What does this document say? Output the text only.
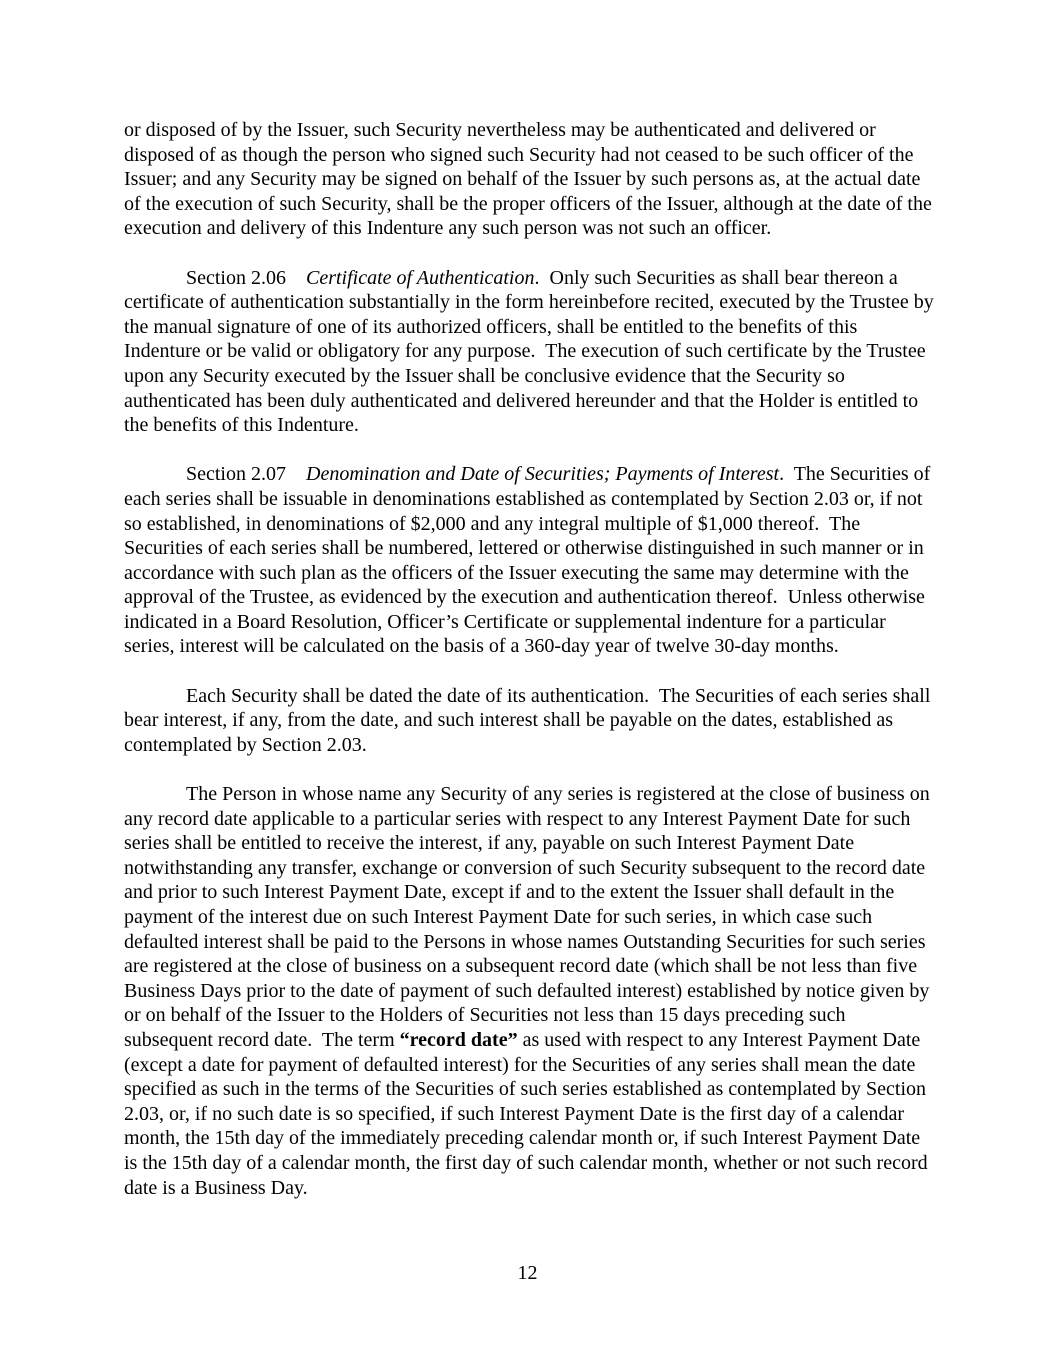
or disposed of by the Issuer, such Security nevertheless may be authenticated and delivered or disposed of as though the person who signed such Security had not ceased to be such officer of the Issuer; and any Security may be signed on behalf of the Issuer by such persons as, at the actual date of the execution of such Security, shall be the proper officers of the Issuer, although at the date of the execution and delivery of this Indenture any such person was not such an officer.

Section 2.06    Certificate of Authentication.  Only such Securities as shall bear thereon a certificate of authentication substantially in the form hereinbefore recited, executed by the Trustee by the manual signature of one of its authorized officers, shall be entitled to the benefits of this Indenture or be valid or obligatory for any purpose.  The execution of such certificate by the Trustee upon any Security executed by the Issuer shall be conclusive evidence that the Security so authenticated has been duly authenticated and delivered hereunder and that the Holder is entitled to the benefits of this Indenture.

Section 2.07    Denomination and Date of Securities; Payments of Interest.  The Securities of each series shall be issuable in denominations established as contemplated by Section 2.03 or, if not so established, in denominations of $2,000 and any integral multiple of $1,000 thereof.  The Securities of each series shall be numbered, lettered or otherwise distinguished in such manner or in accordance with such plan as the officers of the Issuer executing the same may determine with the approval of the Trustee, as evidenced by the execution and authentication thereof.  Unless otherwise indicated in a Board Resolution, Officer’s Certificate or supplemental indenture for a particular series, interest will be calculated on the basis of a 360-day year of twelve 30-day months.

Each Security shall be dated the date of its authentication.  The Securities of each series shall bear interest, if any, from the date, and such interest shall be payable on the dates, established as contemplated by Section 2.03.

The Person in whose name any Security of any series is registered at the close of business on any record date applicable to a particular series with respect to any Interest Payment Date for such series shall be entitled to receive the interest, if any, payable on such Interest Payment Date notwithstanding any transfer, exchange or conversion of such Security subsequent to the record date and prior to such Interest Payment Date, except if and to the extent the Issuer shall default in the payment of the interest due on such Interest Payment Date for such series, in which case such defaulted interest shall be paid to the Persons in whose names Outstanding Securities for such series are registered at the close of business on a subsequent record date (which shall be not less than five Business Days prior to the date of payment of such defaulted interest) established by notice given by or on behalf of the Issuer to the Holders of Securities not less than 15 days preceding such subsequent record date.  The term “record date” as used with respect to any Interest Payment Date (except a date for payment of defaulted interest) for the Securities of any series shall mean the date specified as such in the terms of the Securities of such series established as contemplated by Section 2.03, or, if no such date is so specified, if such Interest Payment Date is the first day of a calendar month, the 15th day of the immediately preceding calendar month or, if such Interest Payment Date is the 15th day of a calendar month, the first day of such calendar month, whether or not such record date is a Business Day.

12
